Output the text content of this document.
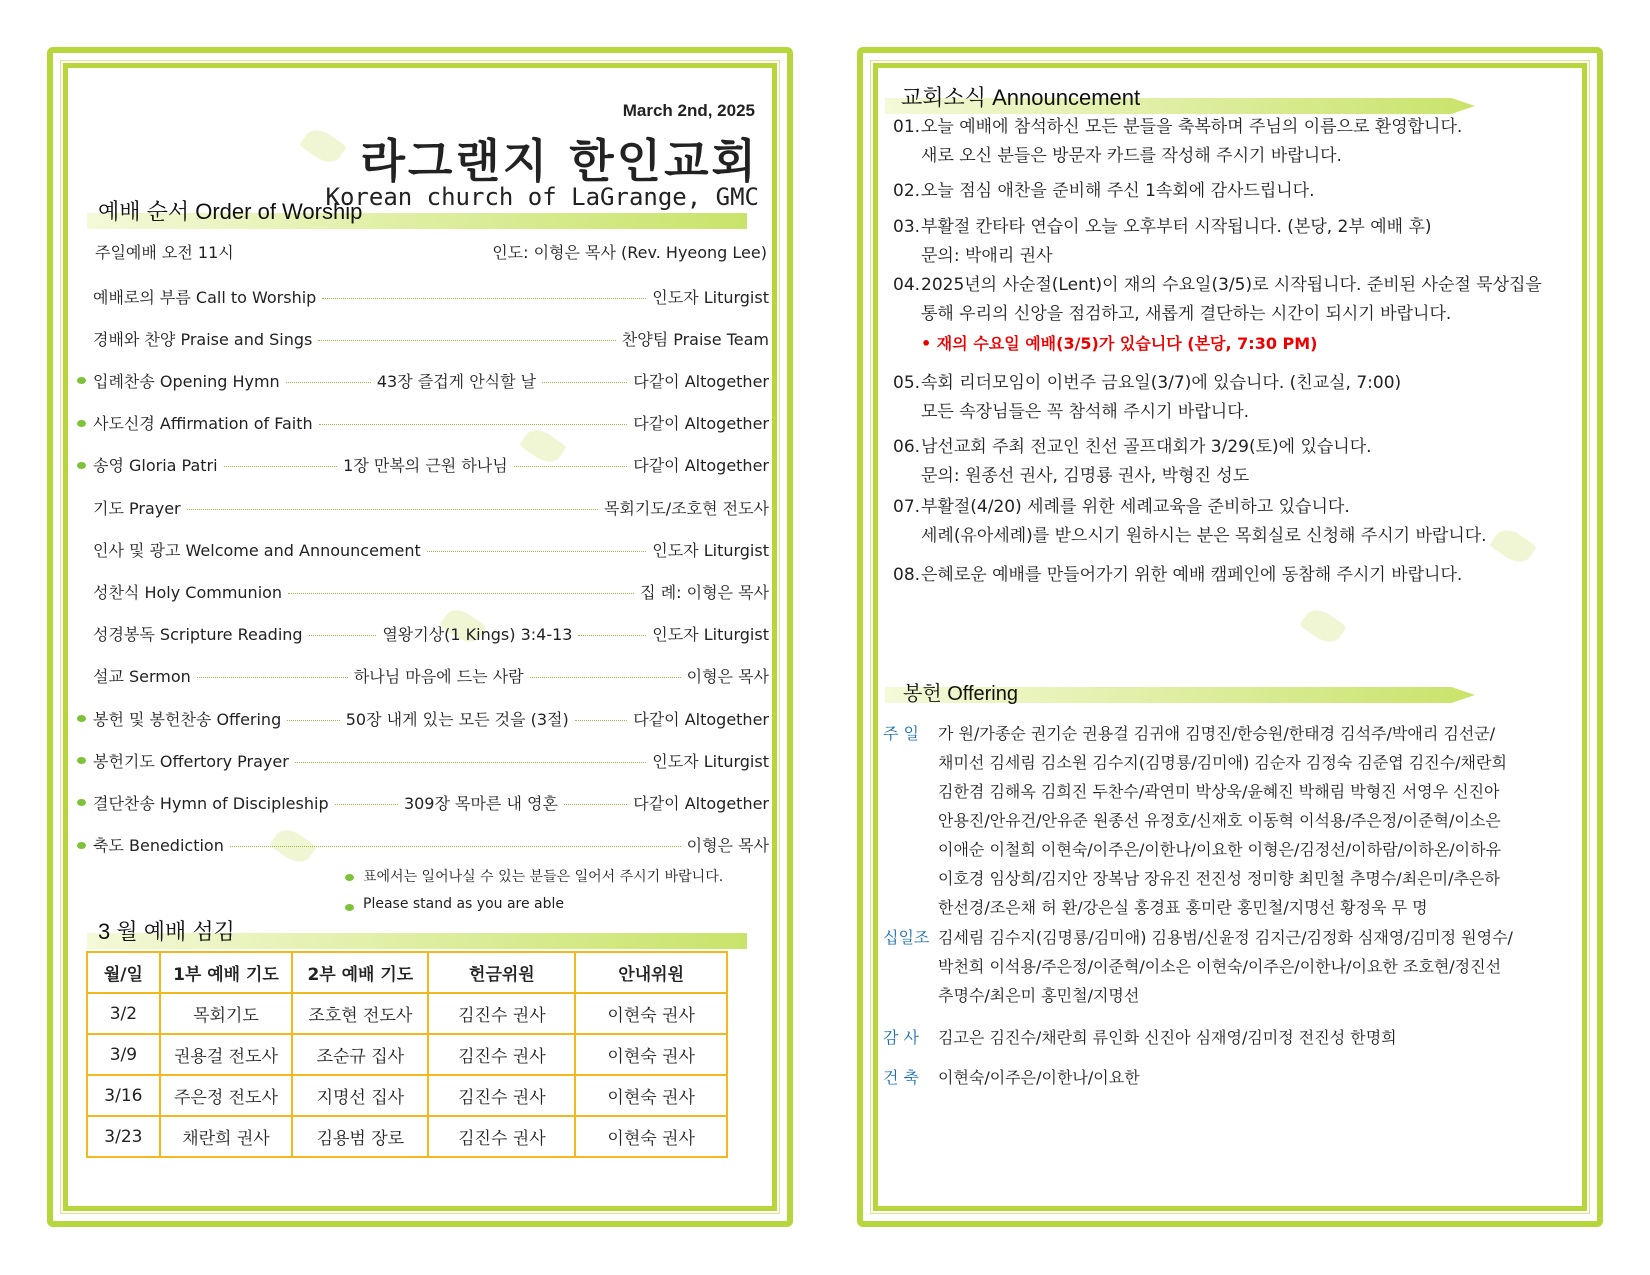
March 2nd, 2025
라그랜지 한인교회
Korean church of LaGrange, GMC
예배 순서 Order of Worship
주일예배 오전 11시	인도: 이형은 목사 (Rev. Hyeong Lee)
예배로의 부름 Call to Worship	인도자 Liturgist
경배와 찬양 Praise and Sings	찬양팀 Praise Team
입례찬송 Opening Hymn	43장 즐겁게 안식할 날	다같이 Altogether
사도신경 Affirmation of Faith	다같이 Altogether
송영 Gloria Patri	1장 만복의 근원 하나님	다같이 Altogether
기도 Prayer	목회기도/조호현 전도사
인사 및 광고 Welcome and Announcement	인도자 Liturgist
성찬식 Holy Communion	집 례: 이형은 목사
성경봉독 Scripture Reading	열왕기상(1 Kings) 3:4-13	인도자 Liturgist
설교 Sermon	하나님 마음에 드는 사람	이형은 목사
봉헌 및 봉헌찬송 Offering	50장 내게 있는 모든 것을 (3절)	다같이 Altogether
봉헌기도 Offertory Prayer	인도자 Liturgist
결단찬송 Hymn of Discipleship	309장 목마른 내 영혼	다같이 Altogether
축도 Benediction	이형은 목사
표에서는 일어나실 수 있는 분들은 일어서 주시기 바랍니다.
Please stand as you are able
3 월 예배 섬김
월/일	1부 예배 기도	2부 예배 기도	헌금위원	안내위원
3/2	목회기도	조호현 전도사	김진수 권사	이현숙 권사
3/9	권용걸 전도사	조순규 집사	김진수 권사	이현숙 권사
3/16	주은정 전도사	지명선 집사	김진수 권사	이현숙 권사
3/23	채란희 권사	김용범 장로	김진수 권사	이현숙 권사
교회소식 Announcement
01.오늘 예배에 참석하신 모든 분들을 축복하며 주님의 이름으로 환영합니다.
새로 오신 분들은 방문자 카드를 작성해 주시기 바랍니다.
02.오늘 점심 애찬을 준비해 주신 1속회에 감사드립니다.
03.부활절 칸타타 연습이 오늘 오후부터 시작됩니다. (본당, 2부 예배 후)
문의: 박애리 권사
04.2025년의 사순절(Lent)이 재의 수요일(3/5)로 시작됩니다. 준비된 사순절 묵상집을
통해 우리의 신앙을 점검하고, 새롭게 결단하는 시간이 되시기 바랍니다.
• 재의 수요일 예배(3/5)가 있습니다 (본당, 7:30 PM)
05.속회 리더모임이 이번주 금요일(3/7)에 있습니다. (친교실, 7:00)
모든 속장님들은 꼭 참석해 주시기 바랍니다.
06.남선교회 주최 전교인 친선 골프대회가 3/29(토)에 있습니다.
문의: 원종선 권사, 김명룡 권사, 박형진 성도
07.부활절(4/20) 세례를 위한 세례교육을 준비하고 있습니다.
세례(유아세례)를 받으시기 원하시는 분은 목회실로 신청해 주시기 바랍니다.
08.은혜로운 예배를 만들어가기 위한 예배 캠페인에 동참해 주시기 바랍니다.
봉헌 Offering
주 일 가 원/가종순 권기순 권용걸 김귀애 김명진/한승원/한태경 김석주/박애리 김선군/
채미선 김세림 김소원 김수지(김명룡/김미애) 김순자 김정숙 김준엽 김진수/채란희
김한겸 김해옥 김희진 두찬수/곽연미 박상욱/윤혜진 박해림 박형진 서영우 신진아
안용진/안유건/안유준 원종선 유정호/신재호 이동혁 이석용/주은정/이준혁/이소은
이애순 이철희 이현숙/이주은/이한나/이요한 이형은/김정선/이하람/이하온/이하유
이호경 임상희/김지안 장복남 장유진 전진성 정미향 최민철 추명수/최은미/추은하
한선경/조은채 허 환/강은실 홍경표 홍미란 홍민철/지명선 황정욱 무 명
십일조 김세림 김수지(김명룡/김미애) 김용범/신윤정 김지근/김정화 심재영/김미정 원영수/
박천희 이석용/주은정/이준혁/이소은 이현숙/이주은/이한나/이요한 조호현/정진선
추명수/최은미 홍민철/지명선
감 사 김고은 김진수/채란희 류인화 신진아 심재영/김미정 전진성 한명희
건 축 이현숙/이주은/이한나/이요한
